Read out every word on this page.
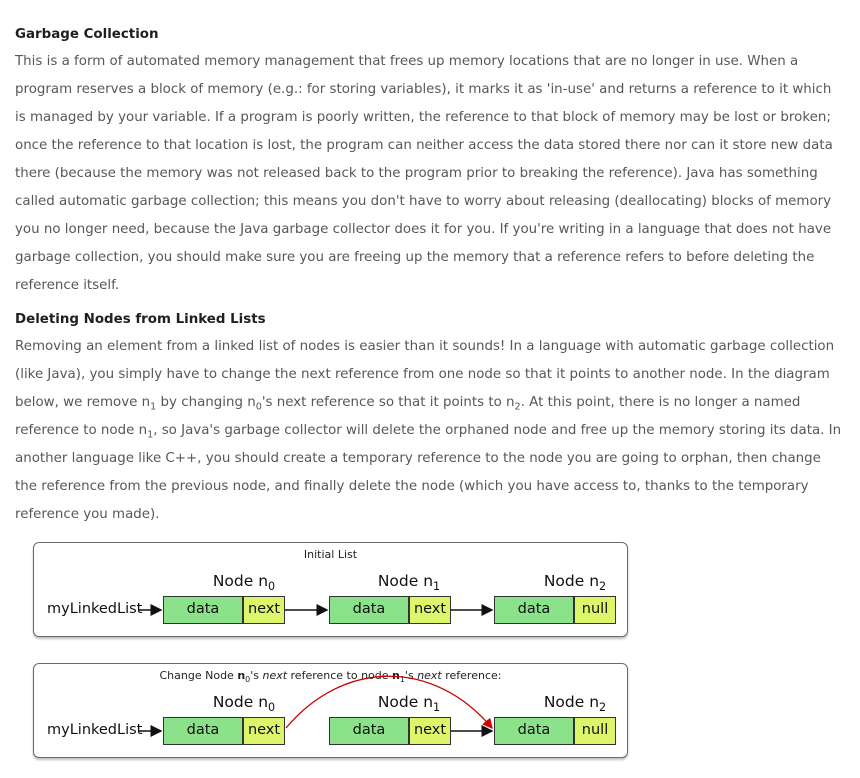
Garbage Collection

This is a form of automated memory management that frees up memory locations that are no longer in use. When a program reserves a block of memory (e.g.: for storing variables), it marks it as 'in-use' and returns a reference to it which is managed by your variable. If a program is poorly written, the reference to that block of memory may be lost or broken; once the reference to that location is lost, the program can neither access the data stored there nor can it store new data there (because the memory was not released back to the program prior to breaking the reference). Java has something called automatic garbage collection; this means you don't have to worry about releasing (deallocating) blocks of memory you no longer need, because the Java garbage collector does it for you. If you're writing in a language that does not have garbage collection, you should make sure you are freeing up the memory that a reference refers to before deleting the reference itself.

Deleting Nodes from Linked Lists

Removing an element from a linked list of nodes is easier than it sounds! In a language with automatic garbage collection (like Java), you simply have to change the next reference from one node so that it points to another node. In the diagram below, we remove $n_1$ by changing $n_0's$ next reference so that it points to $n_2$. At this point, there is no longer a named reference to node $n_1$, so Java's garbage collector will delete the orphaned node and free up the memory storing its data. In another language like C++, you should create a temporary reference to the node you are going to orphan, then change the reference from the previous node, and finally delete the node (which you have access to, thanks to the temporary reference you made).

Initial List
myLinkedList
Node $n_0$	Node $n_1$	Node $n_2$
data	next	data	next	data	null
Change Node $n_0's$ next reference to node $n_1's$ next reference:
myLinkedList
Node $n_0$	Node $n_1$	Node $n_2$
data	next	data	next	data	null
